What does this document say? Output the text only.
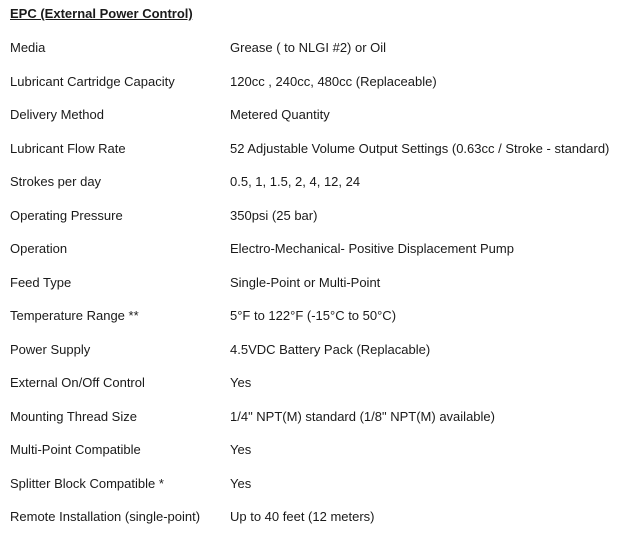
EPC (External Power Control)
Media	Grease ( to NLGI #2) or Oil
Lubricant Cartridge Capacity	120cc , 240cc, 480cc (Replaceable)
Delivery Method	Metered Quantity
Lubricant Flow Rate	52 Adjustable Volume Output Settings (0.63cc / Stroke - standard)
Strokes per day	0.5, 1, 1.5, 2, 4, 12, 24
Operating Pressure	350psi (25 bar)
Operation	Electro-Mechanical- Positive Displacement Pump
Feed Type	Single-Point or Multi-Point
Temperature Range **	5°F to 122°F (-15°C to 50°C)
Power Supply	4.5VDC Battery Pack (Replacable)
External On/Off Control	Yes
Mounting Thread Size	1/4" NPT(M) standard (1/8" NPT(M) available)
Multi-Point Compatible	Yes
Splitter Block Compatible *	Yes
Remote Installation (single-point) Up to 40 feet (12 meters)
